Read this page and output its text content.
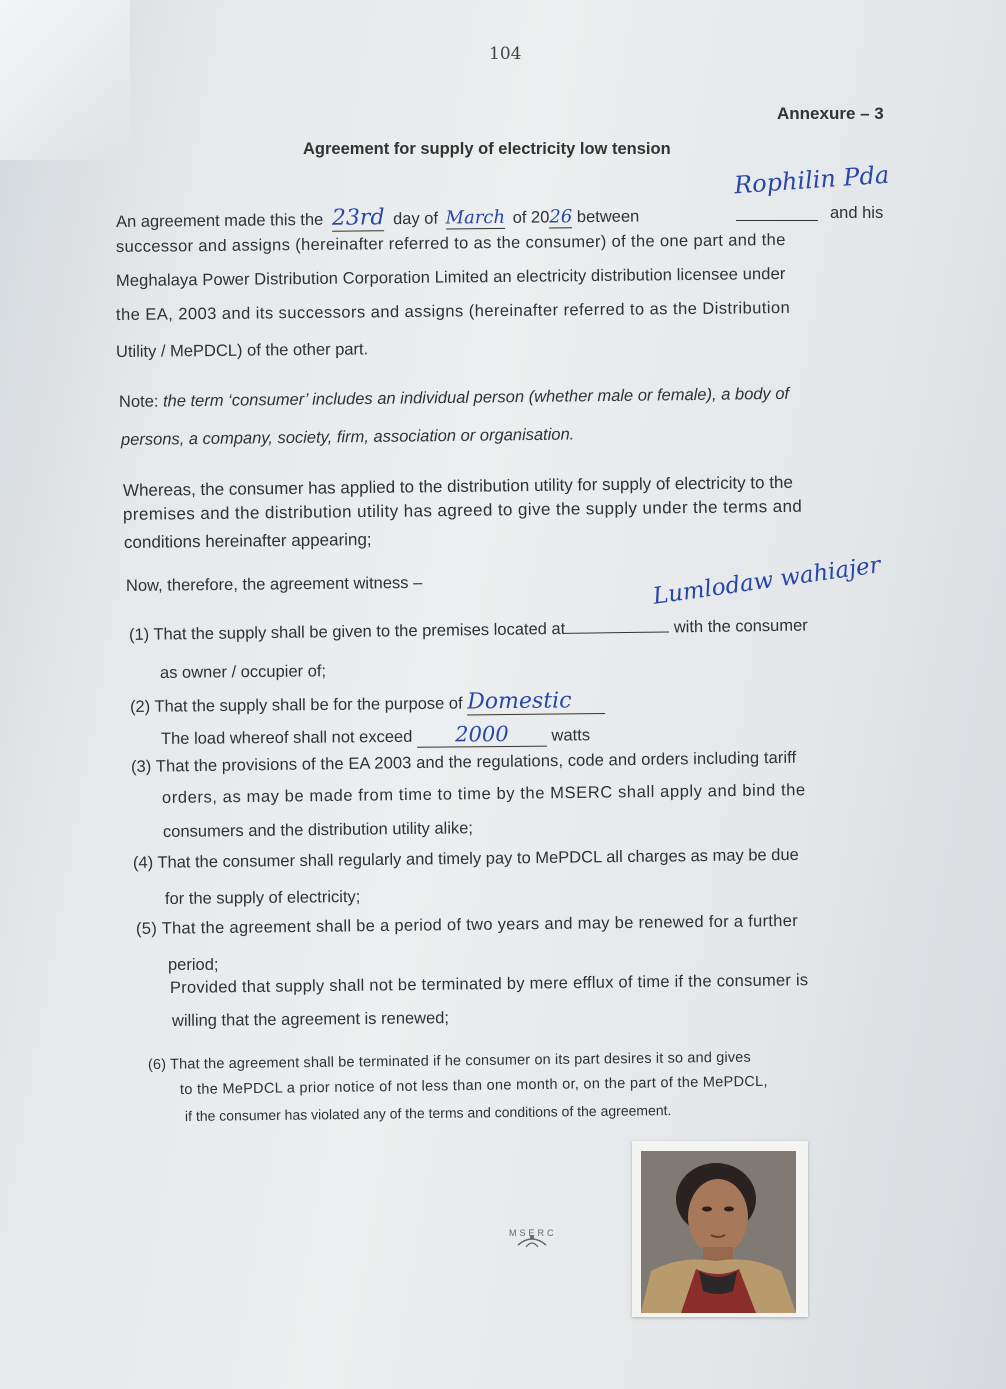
104
Annexure – 3
Agreement for supply of electricity low tension
An agreement made this the 23rd day of March of 2026 between
Rophilin Pda
and his
successor and assigns (hereinafter referred to as the consumer) of the one part and the
Meghalaya Power Distribution Corporation Limited an electricity distribution licensee under
the EA, 2003 and its successors and assigns (hereinafter referred to as the Distribution
Utility / MePDCL) of the other part.
Note: the term ‘consumer’ includes an individual person (whether male or female), a body of
persons, a company, society, firm, association or organisation.
Whereas, the consumer has applied to the distribution utility for supply of electricity to the
premises and the distribution utility has agreed to give the supply under the terms and
conditions hereinafter appearing;
Now, therefore, the agreement witness –	Lumlodaw wahiajer
(1) That the supply shall be given to the premises located at	with the consumer
as owner / occupier of;
(2) That the supply shall be for the purpose of Domestic
The load whereof shall not exceed 2000	watts
(3) That the provisions of the EA 2003 and the regulations, code and orders including tariff
orders, as may be made from time to time by the MSERC shall apply and bind the
consumers and the distribution utility alike;
(4) That the consumer shall regularly and timely pay to MePDCL all charges as may be due
for the supply of electricity;
(5) That the agreement shall be a period of two years and may be renewed for a further
period;
Provided that supply shall not be terminated by mere efflux of time if the consumer is
willing that the agreement is renewed;
(6) That the agreement shall be terminated if he consumer on its part desires it so and gives
to the MePDCL a prior notice of not less than one month or, on the part of the MePDCL,
if the consumer has violated any of the terms and conditions of the agreement.
MSERC
